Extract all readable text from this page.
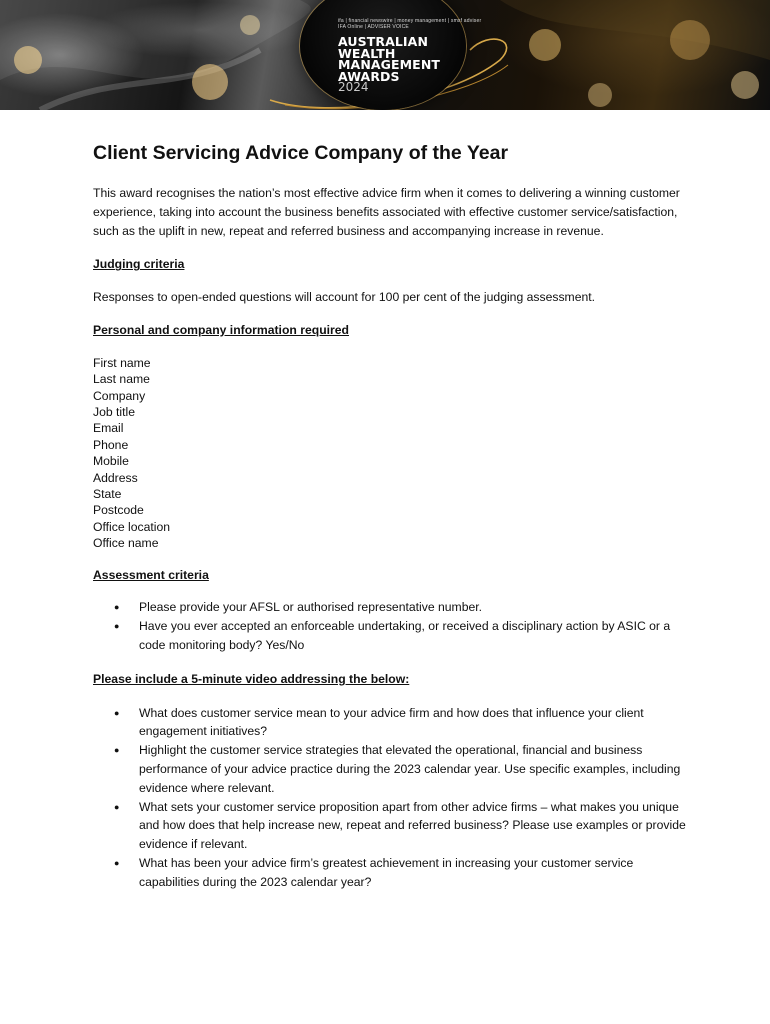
ifa | financial newswire | money management | smsf adviser
IFA Online | ADVISER VOICE
AUSTRALIAN
WEALTH
MANAGEMENT
AWARDS
2024
Client Servicing Advice Company of the Year

This award recognises the nation’s most effective advice firm when it comes to delivering a winning customer experience, taking into account the business benefits associated with effective customer service/satisfaction, such as the uplift in new, repeat and referred business and accompanying increase in revenue.

Judging criteria

Responses to open-ended questions will account for 100 per cent of the judging assessment.

Personal and company information required

First name
Last name
Company
Job title
Email
Phone
Mobile
Address
State
Postcode
Office location
Office name

Assessment criteria

● Please provide your AFSL or authorised representative number.
● Have you ever accepted an enforceable undertaking, or received a disciplinary action by ASIC or a code monitoring body? Yes/No

Please include a 5-minute video addressing the below:

● What does customer service mean to your advice firm and how does that influence your client engagement initiatives?
● Highlight the customer service strategies that elevated the operational, financial and business performance of your advice practice during the 2023 calendar year. Use specific examples, including evidence where relevant.
● What sets your customer service proposition apart from other advice firms – what makes you unique and how does that help increase new, repeat and referred business? Please use examples or provide evidence if relevant.
● What has been your advice firm’s greatest achievement in increasing your customer service capabilities during the 2023 calendar year?
